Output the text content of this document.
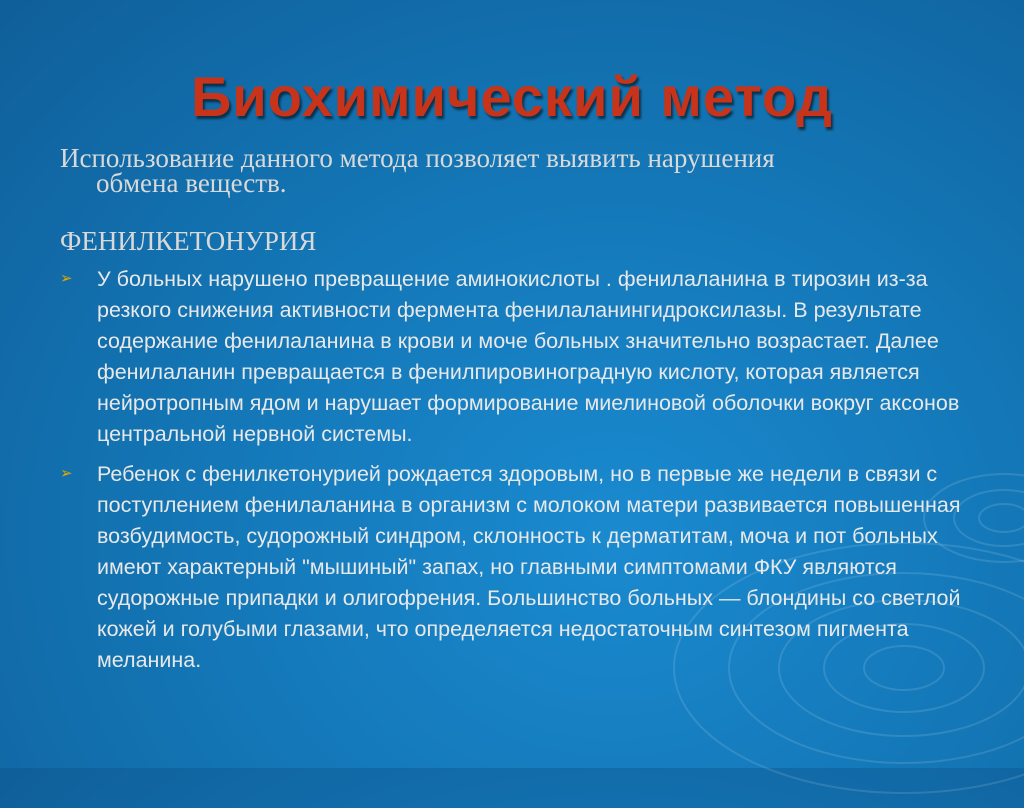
Биохимический метод
Использование данного метода позволяет выявить нарушения
обмена веществ.
ФЕНИЛКЕТОНУРИЯ
➢ У больных нарушено превращение аминокислоты . фенилаланина в тирозин из-за резкого снижения активности фермента фенилаланингидроксилазы. В результате содержание фенилаланина в крови и моче больных значительно возрастает. Далее фенилаланин превращается в фенилпировиноградную кислоту, которая является нейротропным ядом и нарушает формирование миелиновой оболочки вокруг аксонов центральной нервной системы.
➢ Ребенок с фенилкетонурией рождается здоровым, но в первые же недели в связи с поступлением фенилаланина в организм с молоком матери развивается повышенная возбудимость, судорожный синдром, склонность к дерматитам, моча и пот больных имеют характерный "мышиный" запах, но главными симптомами ФКУ являются судорожные припадки и олигофрения. Большинство больных — блондины со светлой кожей и голубыми глазами, что определяется недостаточным синтезом пигмента меланина.
